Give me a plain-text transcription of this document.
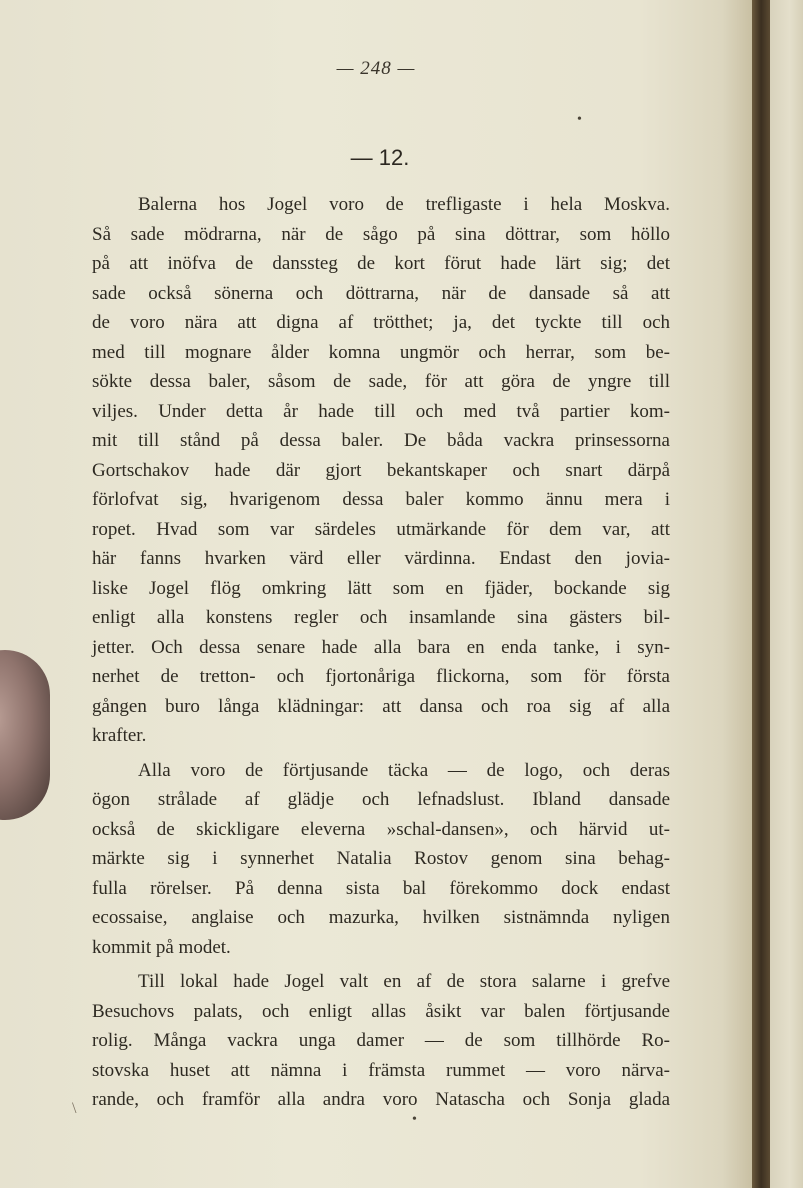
— 248 —
— 12.
Balerna hos Jogel voro de trefligaste i hela Moskva.
Så sade mödrarna, när de sågo på sina döttrar, som höllo
på att inöfva de danssteg de kort förut hade lärt sig; det
sade också sönerna och döttrarna, när de dansade så att
de voro nära att digna af trötthet; ja, det tyckte till och
med till mognare ålder komna ungmör och herrar, som be-
sökte dessa baler, såsom de sade, för att göra de yngre till
viljes. Under detta år hade till och med två partier kom-
mit till stånd på dessa baler. De båda vackra prinsessorna
Gortschakov hade där gjort bekantskaper och snart därpå
förlofvat sig, hvarigenom dessa baler kommo ännu mera i
ropet. Hvad som var särdeles utmärkande för dem var, att
här fanns hvarken värd eller värdinna. Endast den jovia-
liske Jogel flög omkring lätt som en fjäder, bockande sig
enligt alla konstens regler och insamlande sina gästers bil-
jetter. Och dessa senare hade alla bara en enda tanke, i syn-
nerhet de tretton- och fjortonåriga flickorna, som för första
gången buro långa klädningar: att dansa och roa sig af alla
krafter.
Alla voro de förtjusande täcka — de logo, och deras
ögon strålade af glädje och lefnadslust. Ibland dansade
också de skickligare eleverna »schal-dansen», och härvid ut-
märkte sig i synnerhet Natalia Rostov genom sina behag-
fulla rörelser. På denna sista bal förekommo dock endast
ecossaise, anglaise och mazurka, hvilken sistnämnda nyligen
kommit på modet.
Till lokal hade Jogel valt en af de stora salarne i grefve
Besuchovs palats, och enligt allas åsikt var balen förtjusande
rolig. Många vackra unga damer — de som tillhörde Ro-
stovska huset att nämna i främsta rummet — voro närva-
rande, och framför alla andra voro Natascha och Sonja glada
•
•
\
